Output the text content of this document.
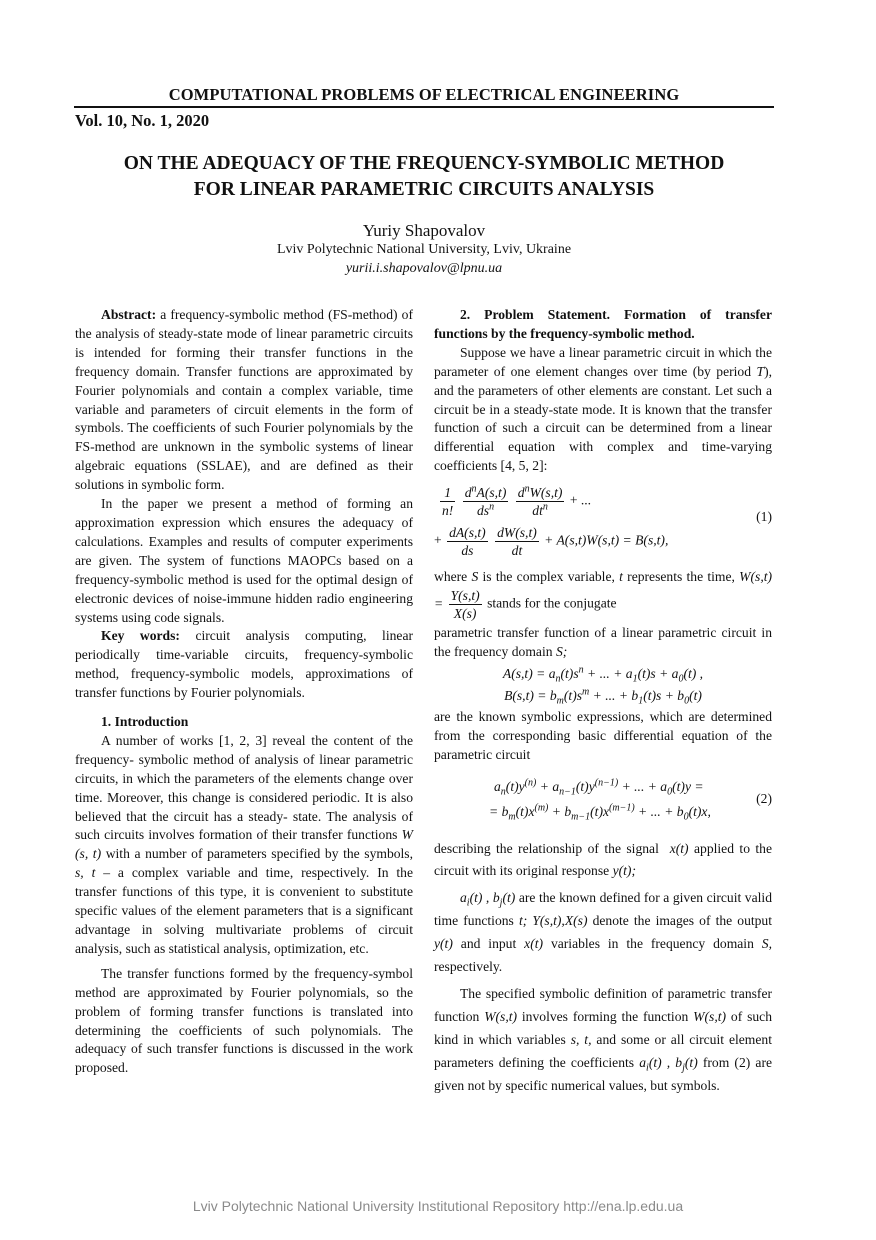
COMPUTATIONAL PROBLEMS OF ELECTRICAL ENGINEERING
Vol. 10, No. 1, 2020
ON THE ADEQUACY OF THE FREQUENCY-SYMBOLIC METHOD
FOR LINEAR PARAMETRIC CIRCUITS ANALYSIS
Yuriy Shapovalov
Lviv Polytechnic National University, Lviv, Ukraine
yurii.i.shapovalov@lpnu.ua

Abstract: a frequency-symbolic method (FS-method) of the analysis of steady-state mode of linear parametric circuits is intended for forming their transfer functions in the frequency domain. Transfer functions are approximated by Fourier polynomials and contain a complex variable, time variable and parameters of circuit elements in the form of symbols. The coefficients of such Fourier polynomials by the FS-method are unknown in the symbolic systems of linear algebraic equations (SSLAE), and are defined as their solutions in symbolic form.

In the paper we present a method of forming an approximation expression which ensures the adequacy of calculations. Examples and results of computer experiments are given. The system of functions MAOPCs based on a frequency-symbolic method is used for the optimal design of electronic devices of noise-immune hidden radio engineering systems using code signals.

Key words: circuit analysis computing, linear periodically time-variable circuits, frequency-symbolic method, frequency-symbolic models, approximations of transfer functions by Fourier polynomials.

1. Introduction

A number of works [1, 2, 3] reveal the content of the frequency- symbolic method of analysis of linear parametric circuits, in which the parameters of the elements change over time. Moreover, this change is considered periodic. It is also believed that the circuit has a steady- state. The analysis of such circuits involves formation of their transfer functions W (s, t) with a number of parameters specified by the symbols, s, t – a complex variable and time, respectively. In the transfer functions of this type, it is convenient to substitute specific values of the element parameters that is a significant advantage in solving multivariate problems of circuit analysis, such as statistical analysis, optimization, etc.

The transfer functions formed by the frequency-symbol method are approximated by Fourier polynomials, so the problem of forming transfer functions is translated into determining the coefficients of such polynomials. The adequacy of such transfer functions is discussed in the work proposed.

2. Problem Statement. Formation of transfer functions by the frequency-symbolic method.

Suppose we have a linear parametric circuit in which the parameter of one element changes over time (by period T), and the parameters of other elements are constant. Let such a circuit be in a steady-state mode. It is known that the transfer function of such a circuit can be determined from a linear differential equation with complex and time-varying coefficients [4, 5, 2]:

$\frac{1}{n!}$
$\frac{d^nA(s,t)}{ds^n}$
$\frac{d^nW(s,t)}{dt^n}$ + ...
(1)
+ $\frac{dA(s,t)}{ds}$
$\frac{dW(s,t)}{dt} + A(s,t)W(s,t) = B(s,t)$,

where S is the complex variable, t represents the time, $W(s,t) = \frac{Y(s,t)}{X(s)}$ stands for the conjugate

parametric transfer function of a linear parametric circuit in the frequency domain S;

$A(s,t) = a_n(t)s^n$ + ... + $a_1(t)s + a_0(t)$ ,

$B(s,t) = b_m(t)s^m$ + ... + $b_1(t)s + b_0(t)$

are the known symbolic expressions, which are determined from the corresponding basic differential equation of the parametric circuit

$a_n(t)y^{(n)} + a_{n-1}(t)y^{(n-1)}$ + ... + $a_0(t)y$ =
(2)
= $b_m(t)x^{(m)} + b_{m-1}(t)x^{(m-1)}$ + ... + $b_0(t)x$,

describing the relationship of the signal  x(t) applied to the circuit with its original response y(t);

$a_i(t)$ , $b_j(t)$ are the known defined for a given circuit valid time functions t; Y(s,t),X(s) denote the images of the output y(t) and input x(t) variables in the frequency domain S, respectively.

The specified symbolic definition of parametric transfer function W(s,t) involves forming the function W(s,t) of such kind in which variables s, t, and some or all circuit element parameters defining the coefficients $a_i(t)$ , $b_j(t)$ from (2) are given not by specific numerical values, but symbols.

Lviv Polytechnic National University Institutional Repository http://ena.lp.edu.ua
